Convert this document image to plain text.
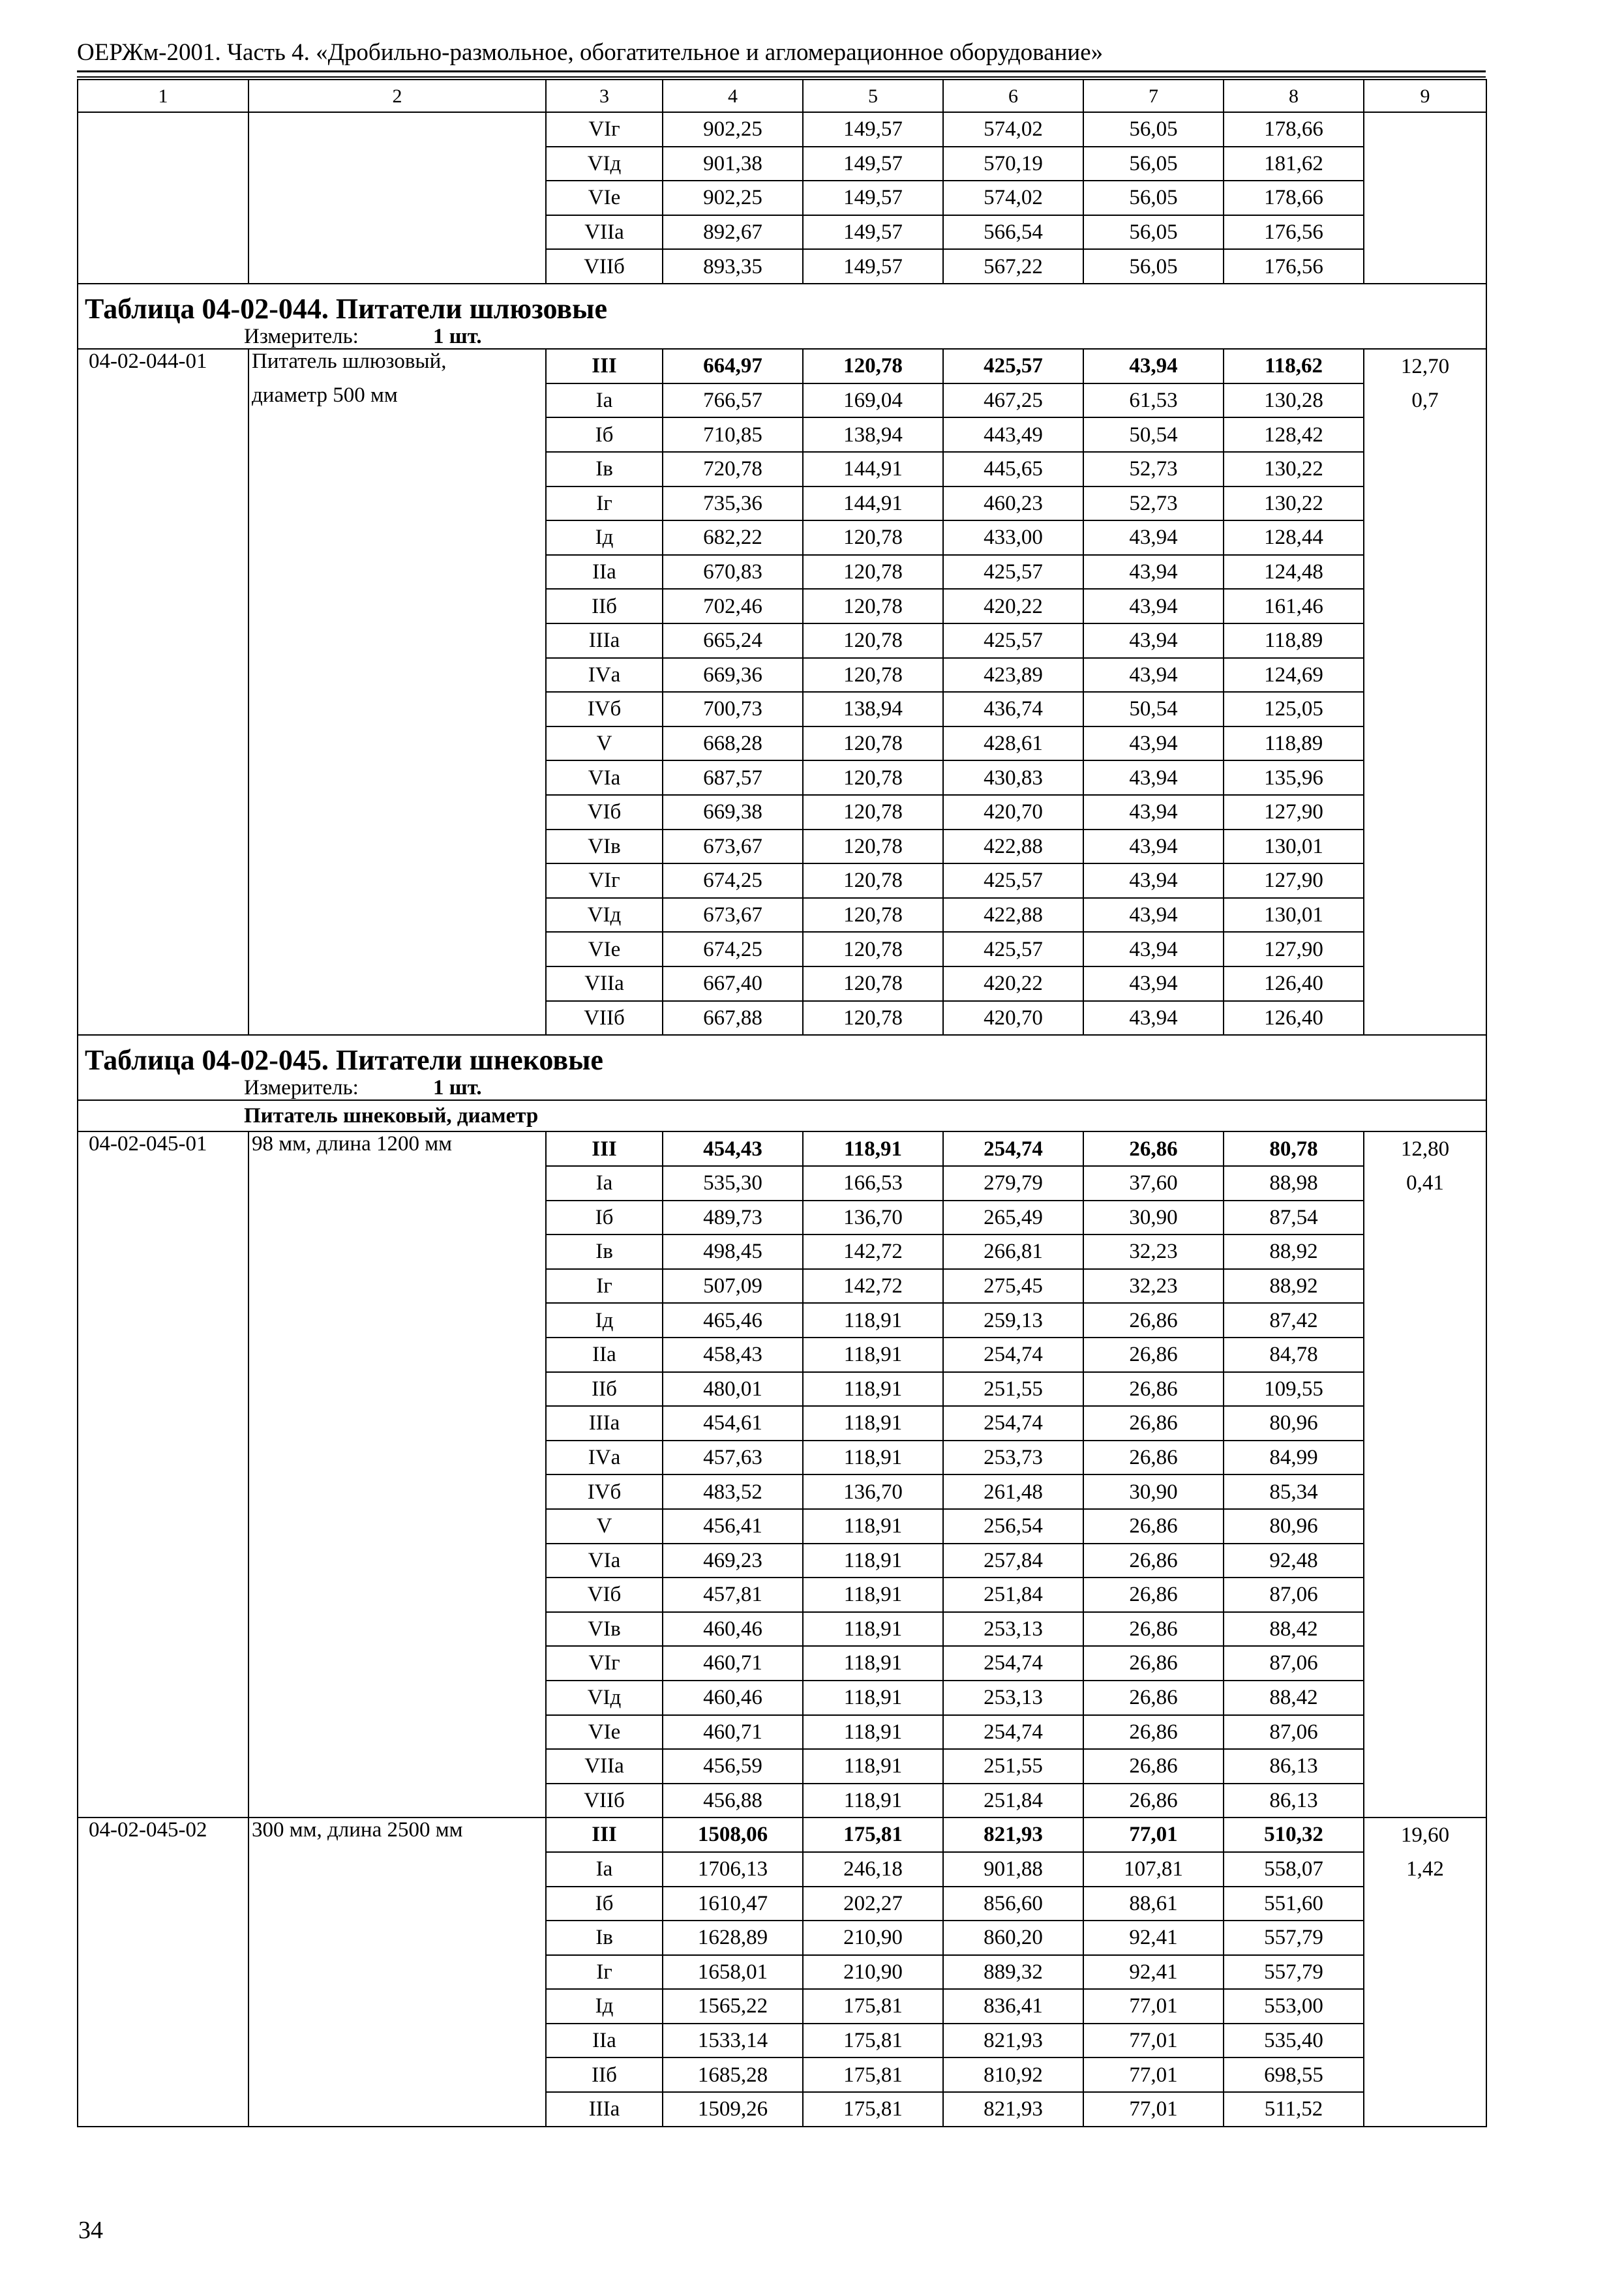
ОЕРЖм-2001. Часть 4. «Дробильно-размольное, обогатительное и агломерационное оборудование»
1	2	3	4	5	6	7	8	9
		VIг	902,25	149,57	574,02	56,05	178,66	
		VIд	901,38	149,57	570,19	56,05	181,62	
		VIе	902,25	149,57	574,02	56,05	178,66	
		VIIа	892,67	149,57	566,54	56,05	176,56	
		VIIб	893,35	149,57	567,22	56,05	176,56	
Таблица 04-02-044. Питатели шлюзовые								
Измеритель: 1 шт.								
04-02-044-01	Питатель шлюзовый,	III	664,97	120,78	425,57	43,94	118,62	12,70
	диаметр 500 мм	Iа	766,57	169,04	467,25	61,53	130,28	0,7
		Iб	710,85	138,94	443,49	50,54	128,42	
		Iв	720,78	144,91	445,65	52,73	130,22	
		Iг	735,36	144,91	460,23	52,73	130,22	
		Iд	682,22	120,78	433,00	43,94	128,44	
		IIа	670,83	120,78	425,57	43,94	124,48	
		IIб	702,46	120,78	420,22	43,94	161,46	
		IIIа	665,24	120,78	425,57	43,94	118,89	
		IVа	669,36	120,78	423,89	43,94	124,69	
		IVб	700,73	138,94	436,74	50,54	125,05	
		V	668,28	120,78	428,61	43,94	118,89	
		VIа	687,57	120,78	430,83	43,94	135,96	
		VIб	669,38	120,78	420,70	43,94	127,90	
		VIв	673,67	120,78	422,88	43,94	130,01	
		VIг	674,25	120,78	425,57	43,94	127,90	
		VIд	673,67	120,78	422,88	43,94	130,01	
		VIе	674,25	120,78	425,57	43,94	127,90	
		VIIа	667,40	120,78	420,22	43,94	126,40	
		VIIб	667,88	120,78	420,70	43,94	126,40	
Таблица 04-02-045. Питатели шнековые								
Измеритель: 1 шт.								
Питатель шнековый, диаметр								
04-02-045-01	98 мм, длина 1200 мм	III	454,43	118,91	254,74	26,86	80,78	12,80
		Iа	535,30	166,53	279,79	37,60	88,98	0,41
		Iб	489,73	136,70	265,49	30,90	87,54	
		Iв	498,45	142,72	266,81	32,23	88,92	
		Iг	507,09	142,72	275,45	32,23	88,92	
		Iд	465,46	118,91	259,13	26,86	87,42	
		IIа	458,43	118,91	254,74	26,86	84,78	
		IIб	480,01	118,91	251,55	26,86	109,55	
		IIIа	454,61	118,91	254,74	26,86	80,96	
		IVа	457,63	118,91	253,73	26,86	84,99	
		IVб	483,52	136,70	261,48	30,90	85,34	
		V	456,41	118,91	256,54	26,86	80,96	
		VIа	469,23	118,91	257,84	26,86	92,48	
		VIб	457,81	118,91	251,84	26,86	87,06	
		VIв	460,46	118,91	253,13	26,86	88,42	
		VIг	460,71	118,91	254,74	26,86	87,06	
		VIд	460,46	118,91	253,13	26,86	88,42	
		VIе	460,71	118,91	254,74	26,86	87,06	
		VIIа	456,59	118,91	251,55	26,86	86,13	
		VIIб	456,88	118,91	251,84	26,86	86,13	
04-02-045-02	300 мм, длина 2500 мм	III	1508,06	175,81	821,93	77,01	510,32	19,60
		Iа	1706,13	246,18	901,88	107,81	558,07	1,42
		Iб	1610,47	202,27	856,60	88,61	551,60	
		Iв	1628,89	210,90	860,20	92,41	557,79	
		Iг	1658,01	210,90	889,32	92,41	557,79	
		Iд	1565,22	175,81	836,41	77,01	553,00	
		IIа	1533,14	175,81	821,93	77,01	535,40	
		IIб	1685,28	175,81	810,92	77,01	698,55	
		IIIа	1509,26	175,81	821,93	77,01	511,52	
34
